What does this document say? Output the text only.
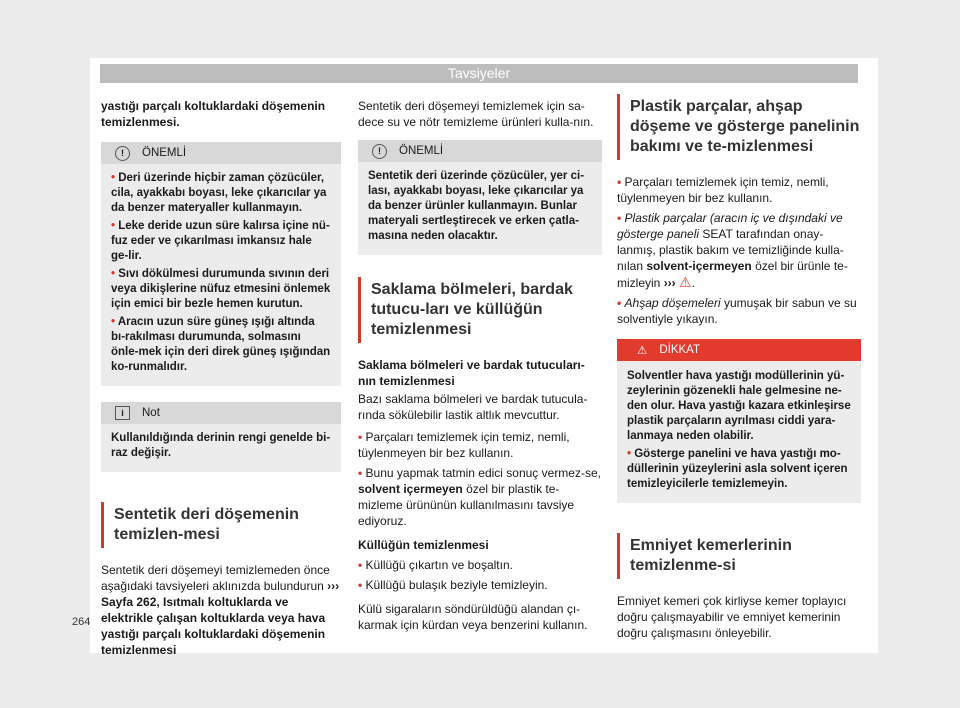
Tavsiyeler

yastığı parçalı koltuklardaki döşemenin temizlenmesi.

!	ÖNEMLİ

• Deri üzerinde hiçbir zaman çözücüler, cila, ayakkabı boyası, leke çıkarıcılar ya da benzer materyaller kullanmayın.

• Leke deride uzun süre kalırsa içine nü-fuz eder ve çıkarılması imkansız hale ge-lir.

• Sıvı dökülmesi durumunda sıvının deri veya dikişlerine nüfuz etmesini önlemek için emici bir bezle hemen kurutun.

• Aracın uzun süre güneş ışığı altında bı-rakılması durumunda, solmasını önle-mek için deri direk güneş ışığından ko-runmalıdır.

i	Not

Kullanıldığında derinin rengi genelde bi-raz değişir.

Sentetik deri döşemenin temizlen-mesi

Sentetik deri döşemeyi temizlemeden önce aşağıdaki tavsiyeleri aklınızda bulundurun ››› Sayfa 262, Isıtmalı koltuklarda ve elektrikle çalışan koltuklarda veya hava yastığı parçalı koltuklardaki döşemenin temizlenmesi

Sentetik deri döşemeyi temizlemek için sa-dece su ve nötr temizleme ürünleri kulla-nın.

!	ÖNEMLİ

Sentetik deri üzerinde çözücüler, yer ci-lası, ayakkabı boyası, leke çıkarıcılar ya da benzer ürünler kullanmayın. Bunlar materyali sertleştirecek ve erken çatla-masına neden olacaktır.

Saklama bölmeleri, bardak tutucu-ları ve küllüğün temizlenmesi

Saklama bölmeleri ve bardak tutucuları-nın temizlenmesi

Bazı saklama bölmeleri ve bardak tutucula-rında sökülebilir lastik altlık mevcuttur.

• Parçaları temizlemek için temiz, nemli, tüylenmeyen bir bez kullanın.

• Bunu yapmak tatmin edici sonuç vermez-se, solvent içermeyen özel bir plastik te-mizleme ürününün kullanılmasını tavsiye ediyoruz.

Küllüğün temizlenmesi

• Küllüğü çıkartın ve boşaltın.

• Küllüğü bulaşık beziyle temizleyin.

Külü sigaraların söndürüldüğü alandan çı-karmak için kürdan veya benzerini kullanın.

Plastik parçalar, ahşap döşeme ve gösterge panelinin bakımı ve te-mizlenmesi

• Parçaları temizlemek için temiz, nemli, tüylenmeyen bir bez kullanın.

• Plastik parçalar (aracın iç ve dışındaki ve gösterge paneli SEAT tarafından onay-lanmış, plastik bakım ve temizliğinde kulla-nılan solvent-içermeyen özel bir ürünle te-mizleyin ››› ⚠.

• Ahşap döşemeleri yumuşak bir sabun ve su solventiyle yıkayın.

⚠ DİKKAT

Solventler hava yastığı modüllerinin yü-zeylerinin gözenekli hale gelmesine ne-den olur. Hava yastığı kazara etkinleşirse plastik parçaların ayrılması ciddi yara-lanmaya neden olabilir.

• Gösterge panelini ve hava yastığı mo-düllerinin yüzeylerini asla solvent içeren temizleyicilerle temizlemeyin.

Emniyet kemerlerinin temizlenme-si

Emniyet kemeri çok kirliyse kemer toplayıcı doğru çalışmayabilir ve emniyet kemerinin doğru çalışmasını önleyebilir.

264
